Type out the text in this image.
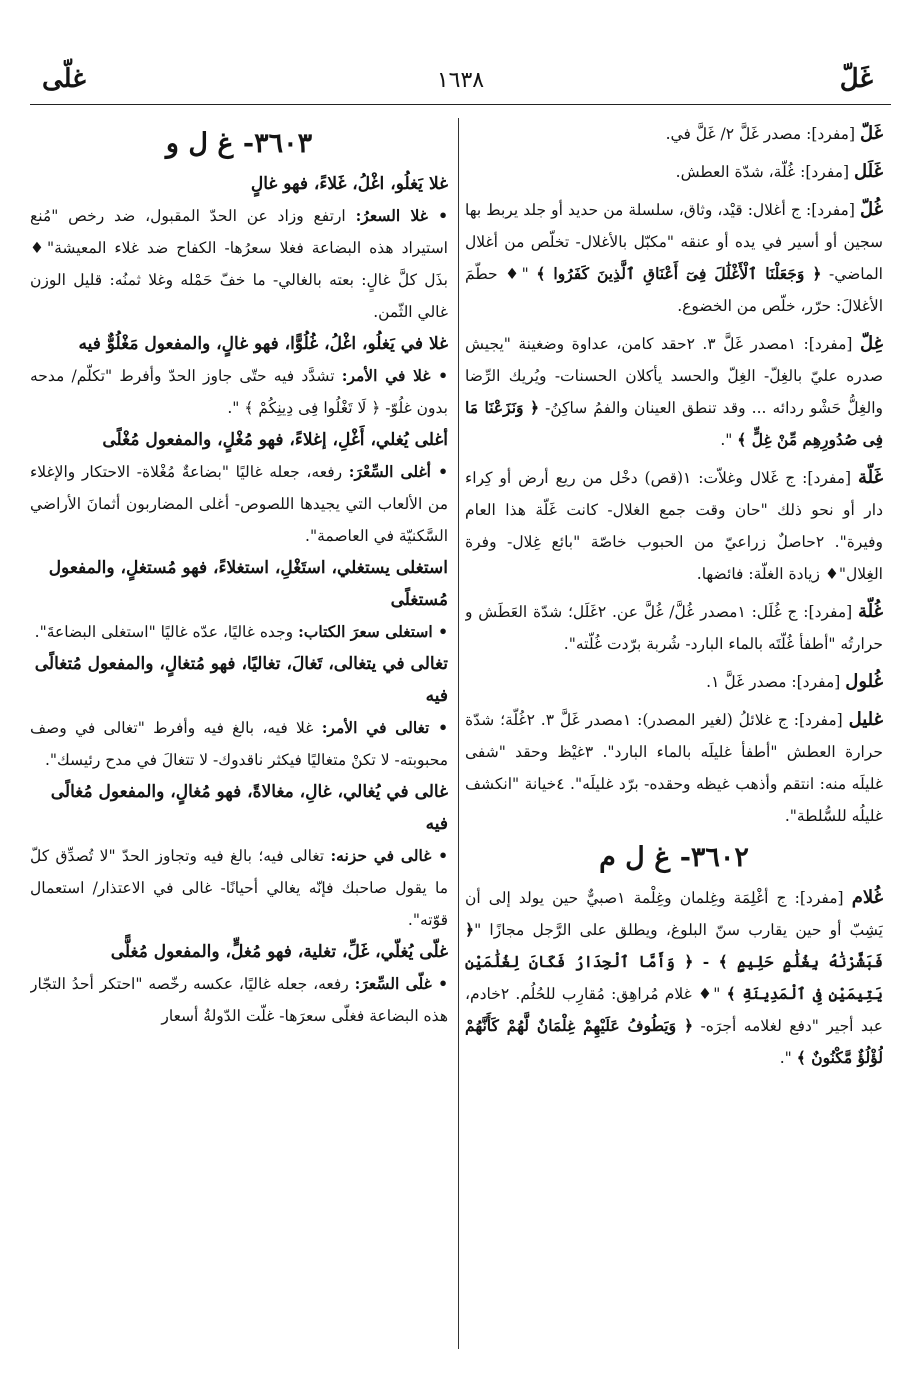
غَلّ
١٦٣٨
غلّى

غَلّ [مفرد]: مصدر غَلَّ ٢/ غَلَّ في.

غَلَل [مفرد]: غُلّة، شدّة العطش.

غُلّ [مفرد]: ج أغلال: قيْد، وثاق، سلسلة من حديد أو جلد يربط بها سجين أو أسير في يده أو عنقه "مكبّل بالأغلال- تخلّص من أغلال الماضي- ﴿ وَجَعَلْنَا ٱلْأَغْلَٰلَ فِىٓ أَعْنَاقِ ٱلَّذِينَ كَفَرُوا ﴾ "♦ حطّمَ الأغلالَ: حرّر، خلّص من الخضوع.

غِلّ [مفرد]: ١مصدر غَلَّ ٣. ٢حقد كامن، عداوة وضغينة "يجيش صدره عليّ بالغِلّ- الغِلّ والحسد يأكلان الحسنات- ويُريك الرِّضا والغِلُّ حَشْو ردائه ... وقد تنطق العينان والفمُ ساكِنُ- ﴿ وَنَزَعْنَا مَا فِى صُدُورِهِم مِّنْ غِلٍّ ﴾ ".

غَلّة [مفرد]: ج غَلال وغلاّت: ١(قص) دخْل من ريع أرض أو كِراء دار أو نحو ذلك "حان وقت جمع الغلال- كانت غَلّة هذا العام وفيرة". ٢حاصلٌ زراعيّ من الحبوب خاصّة "بائع غِلال- وفرة الغِلال"♦ زيادة الغلّة: فائضها.

غُلّة [مفرد]: ج غُلَل: ١مصدر غُلَّ/ غُلَّ عن. ٢غَلَل؛ شدّة العَطَش و حرارتُه "أطفأ غُلّتَه بالماء البارد- شُربة برّدت غُلّته".

غُلول [مفرد]: مصدر غَلَّ ١.

غليل [مفرد]: ج غلائلُ (لغير المصدر): ١مصدر غَلَّ ٣. ٢غُلّة؛ شدّة حرارة العطش "أطفأ غليلَه بالماء البارد". ٣غيْظ وحقد "شفى غليلَه منه: انتقم وأذهب غيظه وحقده- برّد غليلَه". ٤خيانة "انكشف غليلُه للسُّلطة".

٣٦٠٢- غ ل م

غُلام [مفرد]: ج أغْلِمَة وغِلمان وغِلْمة ١صبيٌّ حين يولد إلى أن يَشِبّ أو حين يقارب سنّ البلوغ، ويطلق على الرَّجل مجازًا "﴿ فَبَشَّرْنَٰهُ بِغُلَٰمٍ حَلِيمٍ ﴾ - ﴿ وَأَمَّا ٱلْجِدَارُ فَكَانَ لِغُلَٰمَيْنِ يَتِيمَيْنِ فِى ٱلْمَدِينَةِ ﴾ "♦ غلام مُراهِق: مُقارِب للحُلُم. ٢خادم، عبد أجير "دفع لغلامه أجرَه- ﴿ وَيَطُوفُ عَلَيْهِمْ غِلْمَانٌ لَّهُمْ كَأَنَّهُمْ لُؤْلُؤٌ مَّكْنُونٌ ﴾ ".

٣٦٠٣- غ ل و

غلا يَغلُو، اغْلُ، غَلاءً، فهو غالٍ

• غلا السعرُ: ارتفع وزاد عن الحدّ المقبول، ضد رخص "مُنع استيراد هذه البضاعة فغلا سعرُها- الكفاح ضد غلاء المعيشة"♦ بذَل كلَّ غالٍ: بعته بالغالي- ما خفّ حَمْله وغلا ثمنُه: قليل الوزن غالي الثّمن.

غلا في يَغلُو، اغْلُ، غُلُوًّا، فهو غالٍ، والمفعول مَغْلُوٌّ فيه

• غلا في الأمر: تشدَّد فيه حتّى جاوز الحدّ وأفرط "تكلّم/ مدحه بدون غلُوّ- ﴿ لَا تَغْلُوا فِى دِينِكُمْ ﴾ ".

أغلى يُغلي، أَغْلِ، إغلاءً، فهو مُغْلٍ، والمفعول مُغْلًى

• أغلى السِّعْرَ: رفعه، جعله غاليًا "بضاعةٌ مُغْلاة- الاحتكار والإغلاء من الألعاب التي يجيدها اللصوص- أغلى المضاربون أثمانَ الأراضي السَّكنيّة في العاصمة".

استغلى يستغلي، استَغْلِ، استغلاءً، فهو مُستغلٍ، والمفعول مُستغلًى

• استغلى سعرَ الكتاب: وجده غاليًا، عدّه غاليًا "استغلى البضاعةَ".

تغالى في يتغالى، تَغالَ، تغاليًا، فهو مُتغالٍ، والمفعول مُتغالًى فيه

• تغالى في الأمر: غلا فيه، بالغ فيه وأفرط "تغالى في وصف محبوبته- لا تكنْ متغاليًا فيكثر ناقدوك- لا تتغالَ في مدح رئيسك".

غالى في يُغالي، غالِ، مغالاةً، فهو مُغالٍ، والمفعول مُغالًى فيه

• غالى في حزنه: تغالى فيه؛ بالغ فيه وتجاوز الحدّ "لا تُصدِّق كلّ ما يقول صاحبك فإنّه يغالي أحيانًا- غالى في الاعتذار/ استعمال قوّته".

غلّى يُغلّي، غَلِّ، تغلية، فهو مُغلٍّ، والمفعول مُغلًّى

• غلّى السِّعرَ: رفعه، جعله غاليًا، عكسه رخّصه "احتكر أحدُ التجّار هذه البضاعة فغلّى سعرَها- غلّت الدّولةُ أسعار
